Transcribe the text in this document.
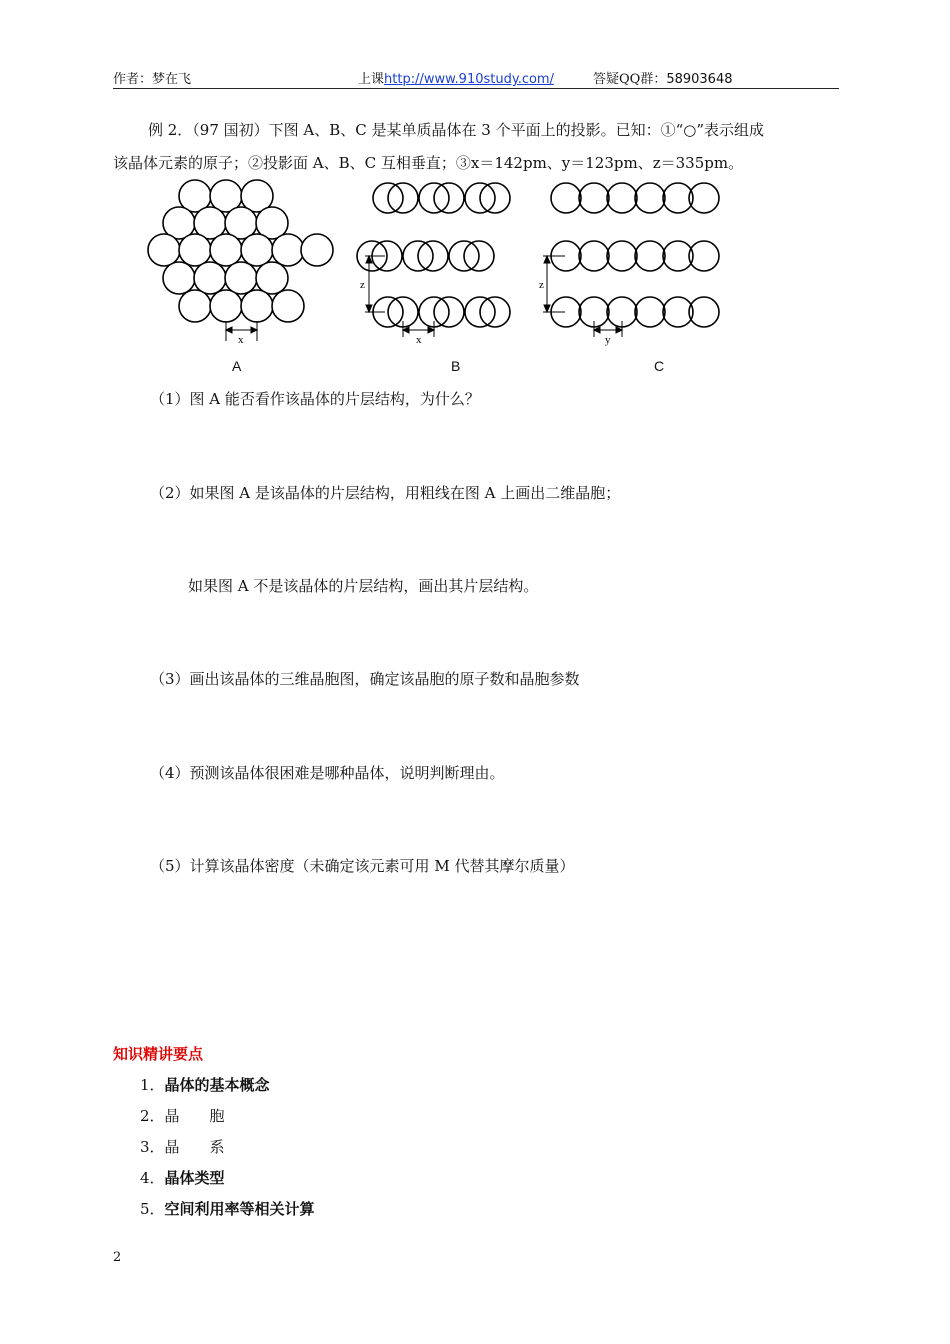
作者：梦在飞	上课http://www.910study.com/	答疑QQ群：58903648
例 2．（97 国初）下图 A、B、C 是某单质晶体在 3 个平面上的投影。已知：①“○”表示组成
该晶体元素的原子；②投影面 A、B、C 互相垂直；③x＝142pm、y＝123pm、z＝335pm。
x
A
z
x
B
z
y
C
（1）图 A 能否看作该晶体的片层结构，为什么？
（2）如果图 A 是该晶体的片层结构，用粗线在图 A 上画出二维晶胞；
如果图 A 不是该晶体的片层结构，画出其片层结构。
（3）画出该晶体的三维晶胞图，确定该晶胞的原子数和晶胞参数
（4）预测该晶体很困难是哪种晶体，说明判断理由。
（5）计算该晶体密度（未确定该元素可用 M 代替其摩尔质量）
知识精讲要点
1．晶体的基本概念
2．晶　　胞
3．晶　　系
4．晶体类型
5．空间利用率等相关计算
2
